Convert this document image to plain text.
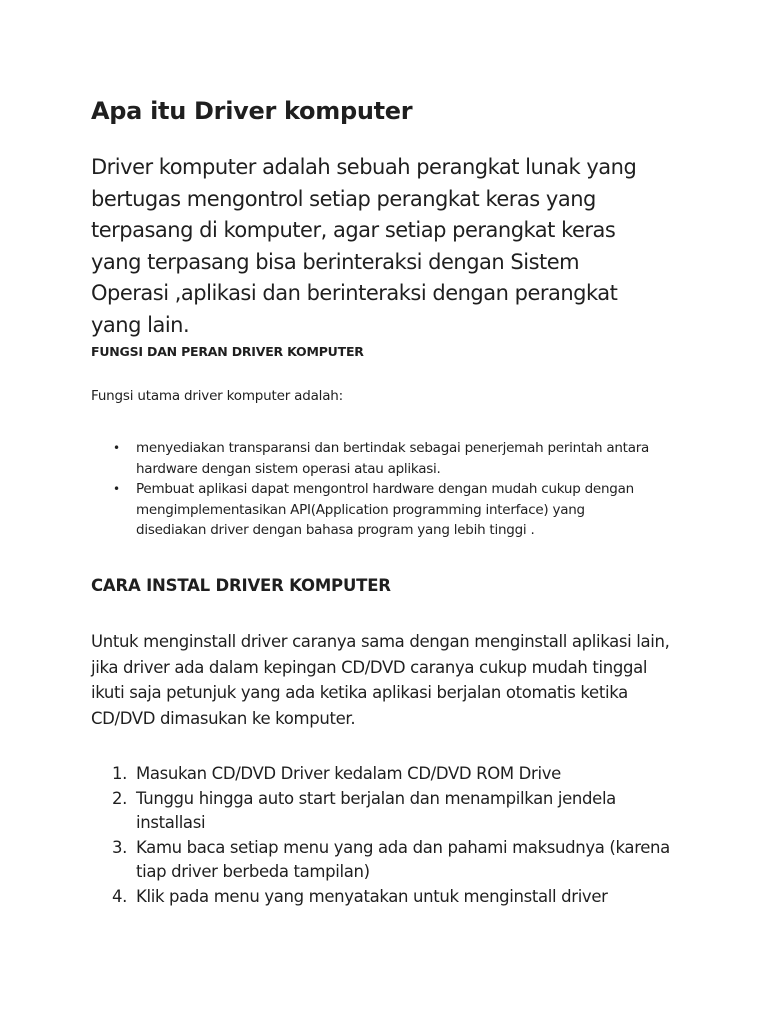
Apa itu Driver komputer

Driver komputer adalah sebuah perangkat lunak yang bertugas mengontrol setiap perangkat keras yang terpasang di komputer, agar setiap perangkat keras yang terpasang bisa berinteraksi dengan Sistem Operasi ,aplikasi dan berinteraksi dengan perangkat yang lain.

FUNGSI DAN PERAN DRIVER KOMPUTER

Fungsi utama driver komputer adalah:

• menyediakan transparansi dan bertindak sebagai penerjemah perintah antara hardware dengan sistem operasi atau aplikasi.
• Pembuat aplikasi dapat mengontrol hardware dengan mudah cukup dengan mengimplementasikan API(Application programming interface) yang disediakan driver dengan bahasa program yang lebih tinggi .
CARA INSTAL DRIVER KOMPUTER

Untuk menginstall driver caranya sama dengan menginstall aplikasi lain, jika driver ada dalam kepingan CD/DVD caranya cukup mudah tinggal ikuti saja petunjuk yang ada ketika aplikasi berjalan otomatis ketika CD/DVD dimasukan ke komputer.

1. Masukan CD/DVD Driver kedalam CD/DVD ROM Drive
2. Tunggu hingga auto start berjalan dan menampilkan jendela installasi
3. Kamu baca setiap menu yang ada dan pahami maksudnya (karena tiap driver berbeda tampilan)
4. Klik pada menu yang menyatakan untuk menginstall driver
